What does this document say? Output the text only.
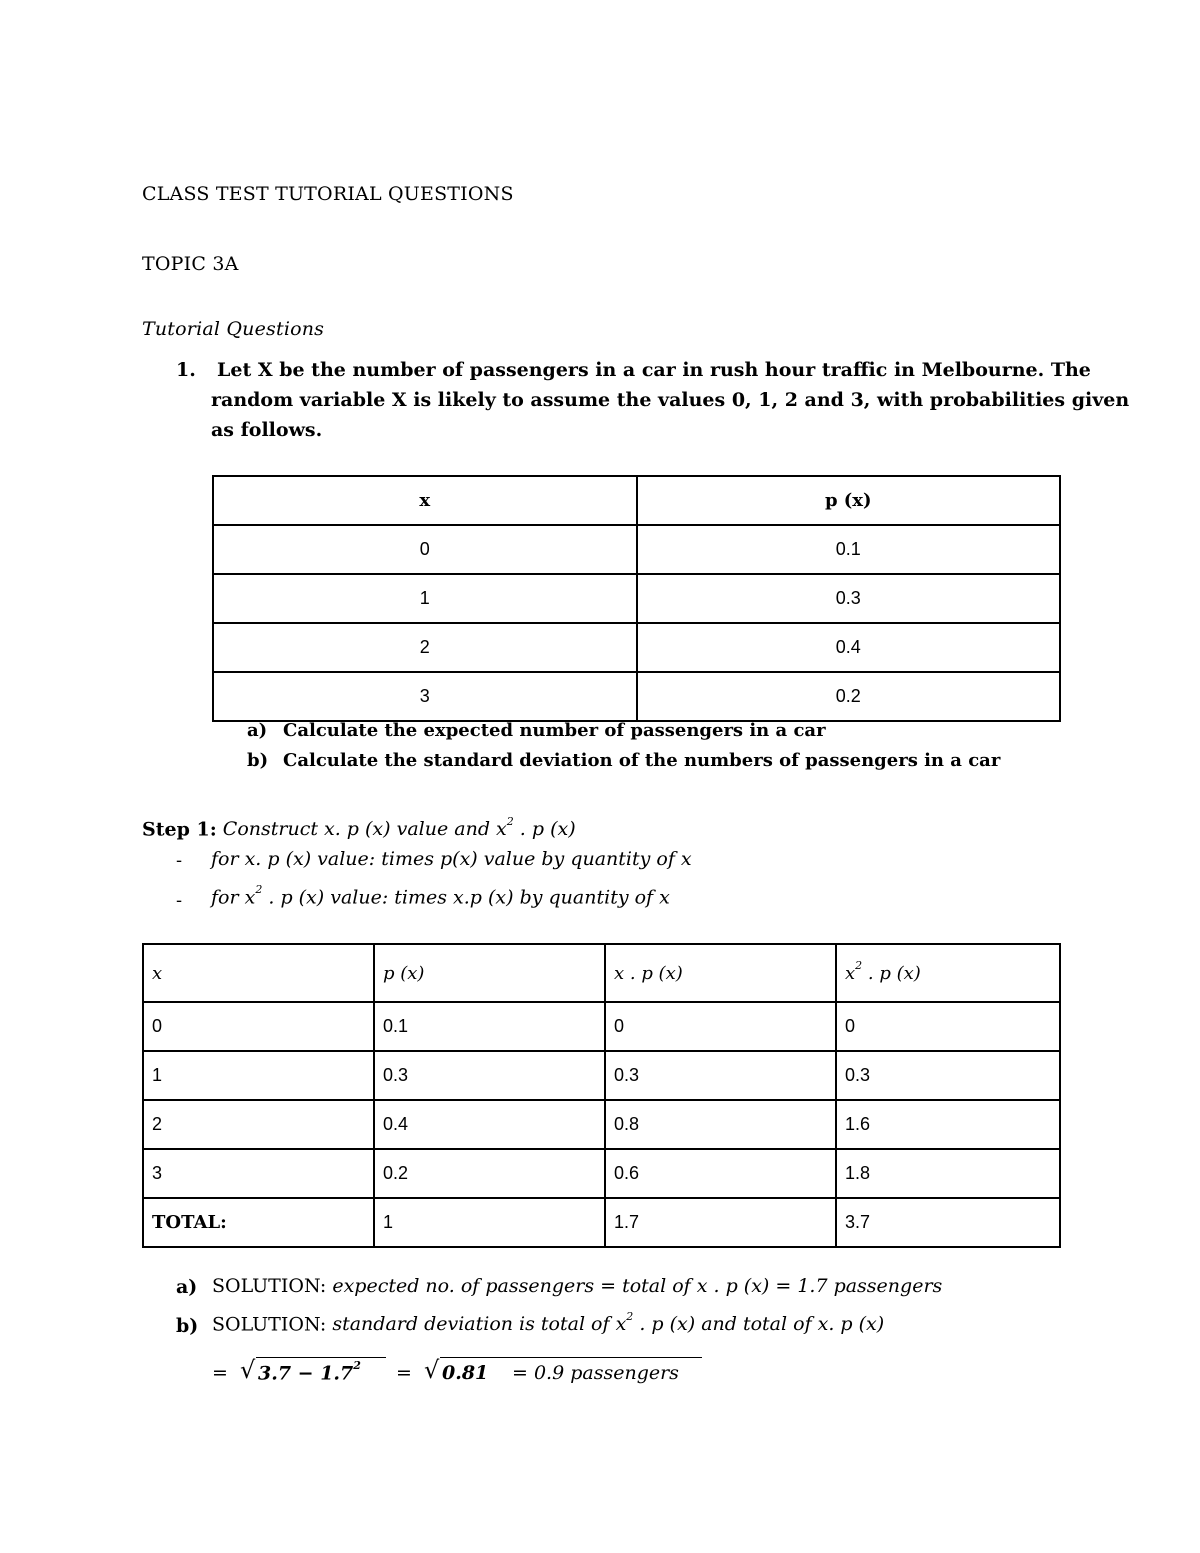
CLASS TEST TUTORIAL QUESTIONS
TOPIC 3A
Tutorial Questions
1. Let X be the number of passengers in a car in rush hour traffic in Melbourne. The
random variable X is likely to assume the values 0, 1, 2 and 3, with probabilities given
as follows.
x	p (x)
0	0.1
1	0.3
2	0.4
3	0.2
a) Calculate the expected number of passengers in a car
b) Calculate the standard deviation of the numbers of passengers in a car
Step 1: Construct x. p (x) value and $x^2$ . p (x)
- for x. p (x) value: times p(x) value by quantity of x
- for $x^2$ . p (x) value: times x.p (x) by quantity of x
x	p (x)	x . p (x)	$x^2$ . p (x)
0	0.1	0	0
1	0.3	0.3	0.3
2	0.4	0.8	1.6
3	0.2	0.6	1.8
TOTAL:	1	1.7	3.7
a) SOLUTION: expected no. of passengers = total of x . p (x) = 1.7 passengers
b) SOLUTION: standard deviation is total of $x^2$ . p (x) and total of x. p (x)
= √ $3.7 - 1.7^2$ = √ 0.81 = 0.9 passengers
